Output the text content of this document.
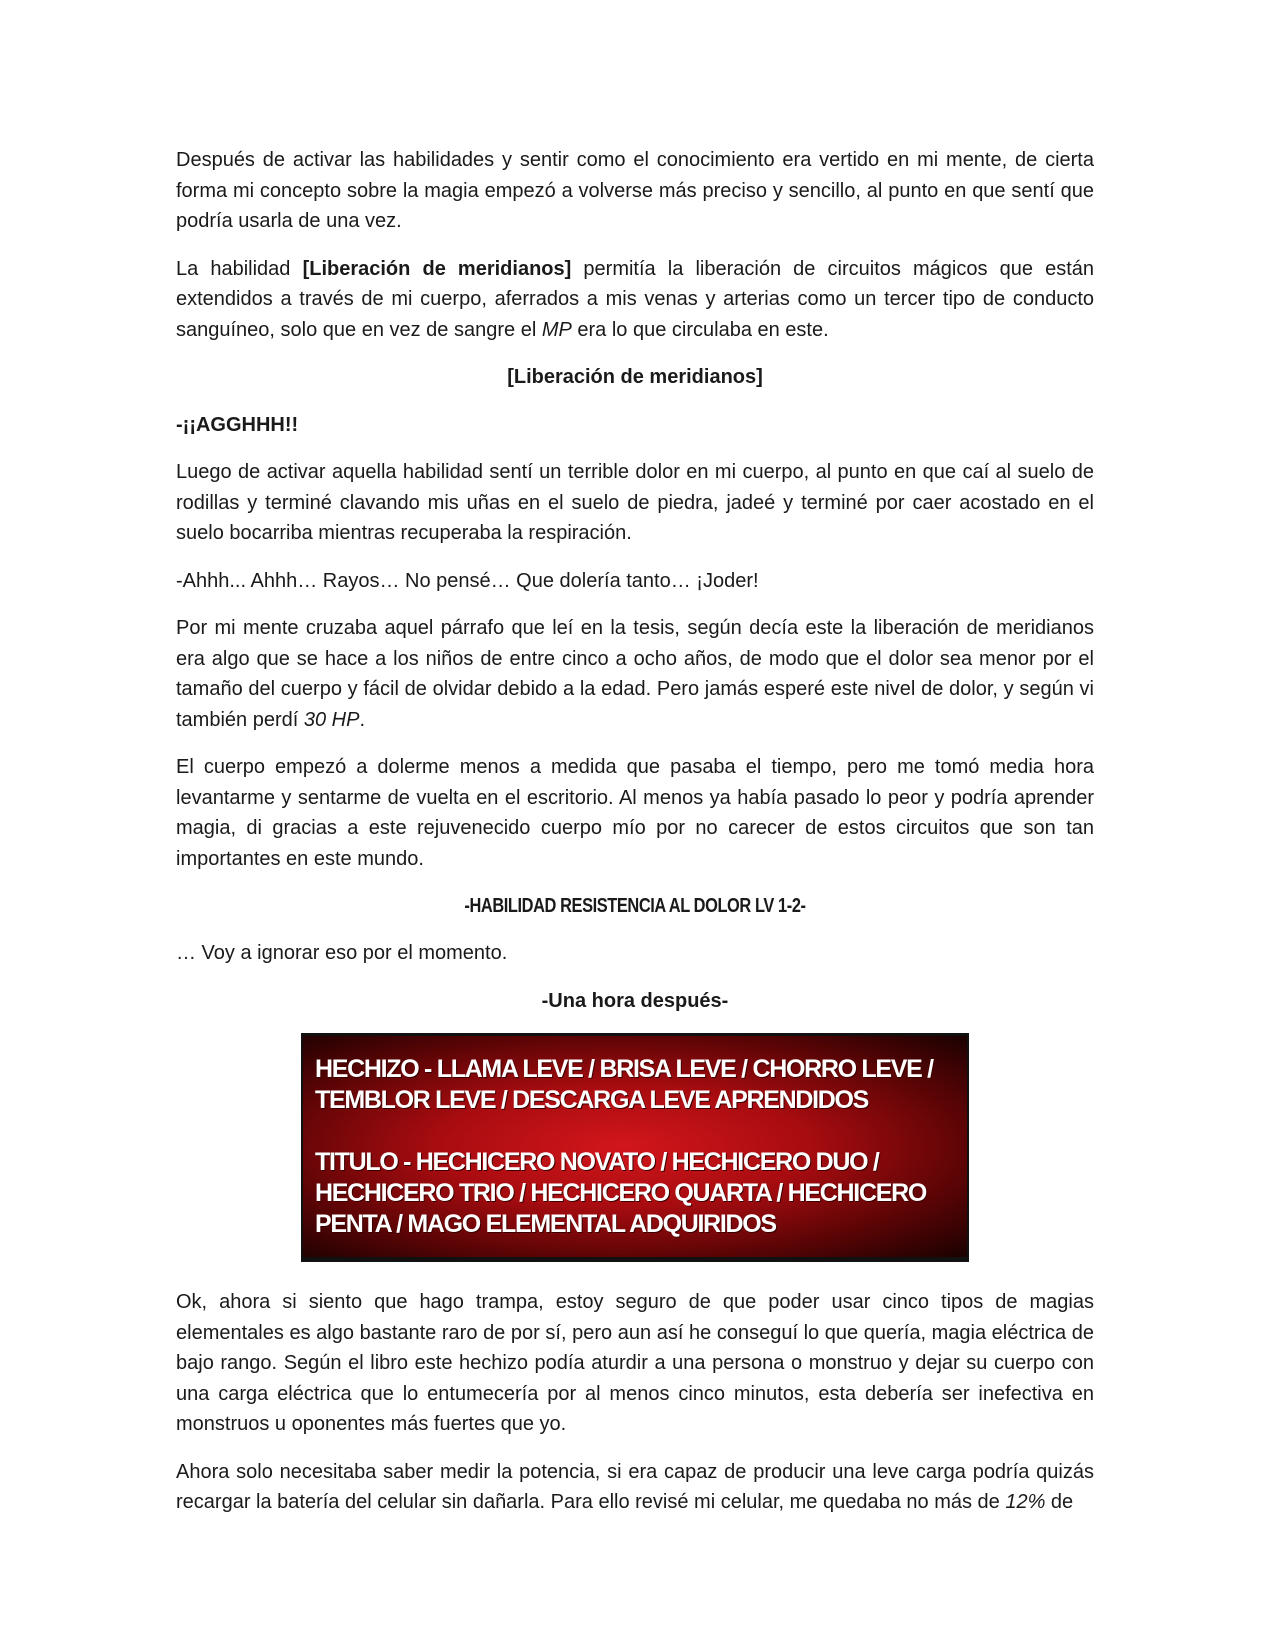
Después de activar las habilidades y sentir como el conocimiento era vertido en mi mente, de cierta forma mi concepto sobre la magia empezó a volverse más preciso y sencillo, al punto en que sentí que podría usarla de una vez.

La habilidad [Liberación de meridianos] permitía la liberación de circuitos mágicos que están extendidos a través de mi cuerpo, aferrados a mis venas y arterias como un tercer tipo de conducto sanguíneo, solo que en vez de sangre el MP era lo que circulaba en este.

[Liberación de meridianos]

-¡¡AGGHHH!!

Luego de activar aquella habilidad sentí un terrible dolor en mi cuerpo, al punto en que caí al suelo de rodillas y terminé clavando mis uñas en el suelo de piedra, jadeé y terminé por caer acostado en el suelo bocarriba mientras recuperaba la respiración.

-Ahhh... Ahhh… Rayos… No pensé… Que dolería tanto… ¡Joder!

Por mi mente cruzaba aquel párrafo que leí en la tesis, según decía este la liberación de meridianos era algo que se hace a los niños de entre cinco a ocho años, de modo que el dolor sea menor por el tamaño del cuerpo y fácil de olvidar debido a la edad. Pero jamás esperé este nivel de dolor, y según vi también perdí 30 HP.

El cuerpo empezó a dolerme menos a medida que pasaba el tiempo, pero me tomó media hora levantarme y sentarme de vuelta en el escritorio. Al menos ya había pasado lo peor y podría aprender magia, di gracias a este rejuvenecido cuerpo mío por no carecer de estos circuitos que son tan importantes en este mundo.

-HABILIDAD RESISTENCIA AL DOLOR LV 1-2-

… Voy a ignorar eso por el momento.

-Una hora después-

HECHIZO - LLAMA LEVE / BRISA LEVE / CHORRO LEVE /
TEMBLOR LEVE / DESCARGA LEVE APRENDIDOS
TITULO - HECHICERO NOVATO / HECHICERO DUO /
HECHICERO TRIO / HECHICERO QUARTA / HECHICERO
PENTA / MAGO ELEMENTAL ADQUIRIDOS

Ok, ahora si siento que hago trampa, estoy seguro de que poder usar cinco tipos de magias elementales es algo bastante raro de por sí, pero aun así he conseguí lo que quería, magia eléctrica de bajo rango. Según el libro este hechizo podía aturdir a una persona o monstruo y dejar su cuerpo con una carga eléctrica que lo entumecería por al menos cinco minutos, esta debería ser inefectiva en monstruos u oponentes más fuertes que yo.

Ahora solo necesitaba saber medir la potencia, si era capaz de producir una leve carga podría quizás recargar la batería del celular sin dañarla. Para ello revisé mi celular, me quedaba no más de 12% de
